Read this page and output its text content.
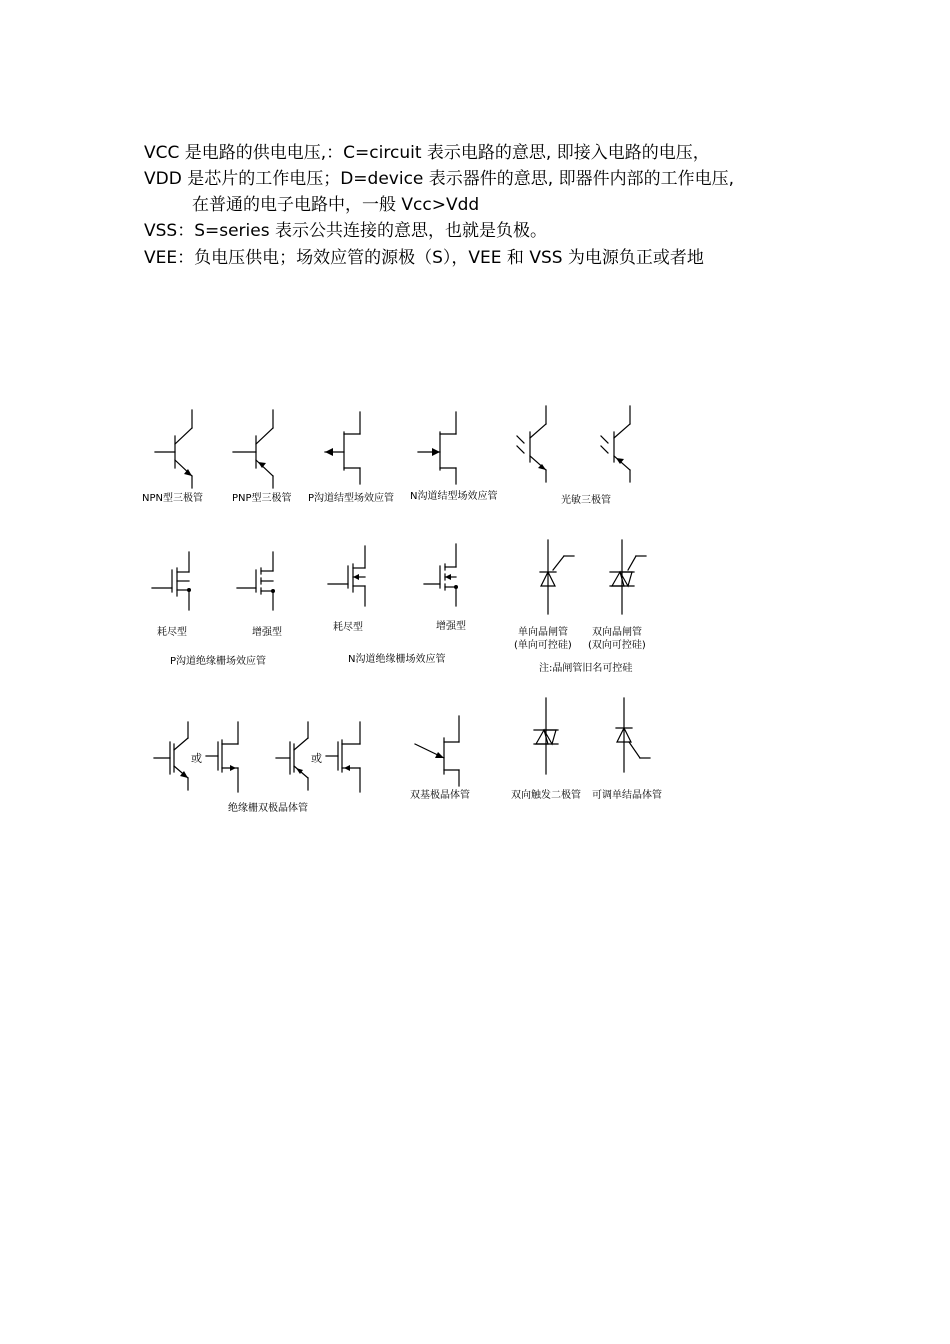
VCC 是电路的供电电压,：C=circuit 表示电路的意思, 即接入电路的电压，
VDD 是芯片的工作电压；D=device 表示器件的意思, 即器件内部的工作电压,
在普通的电子电路中，一般 Vcc>Vdd
VSS：S=series 表示公共连接的意思，也就是负极。
VEE：负电压供电；场效应管的源极（S），VEE 和 VSS 为电源负正或者地
NPN型三极管	PNP型三极管 P沟道结型场效应管 N沟道结型场效应管	光敏三极管
耗尽型	增强型	耗尽型	增强型
P沟道绝缘栅场效应管	N沟道绝缘栅场效应管
单向晶闸管
(单向可控硅)
双向晶闸管
(双向可控硅)
注:晶闸管旧名可控硅
或	或
绝缘栅双极晶体管
双基极晶体管	双向触发二极管 可调单结晶体管
